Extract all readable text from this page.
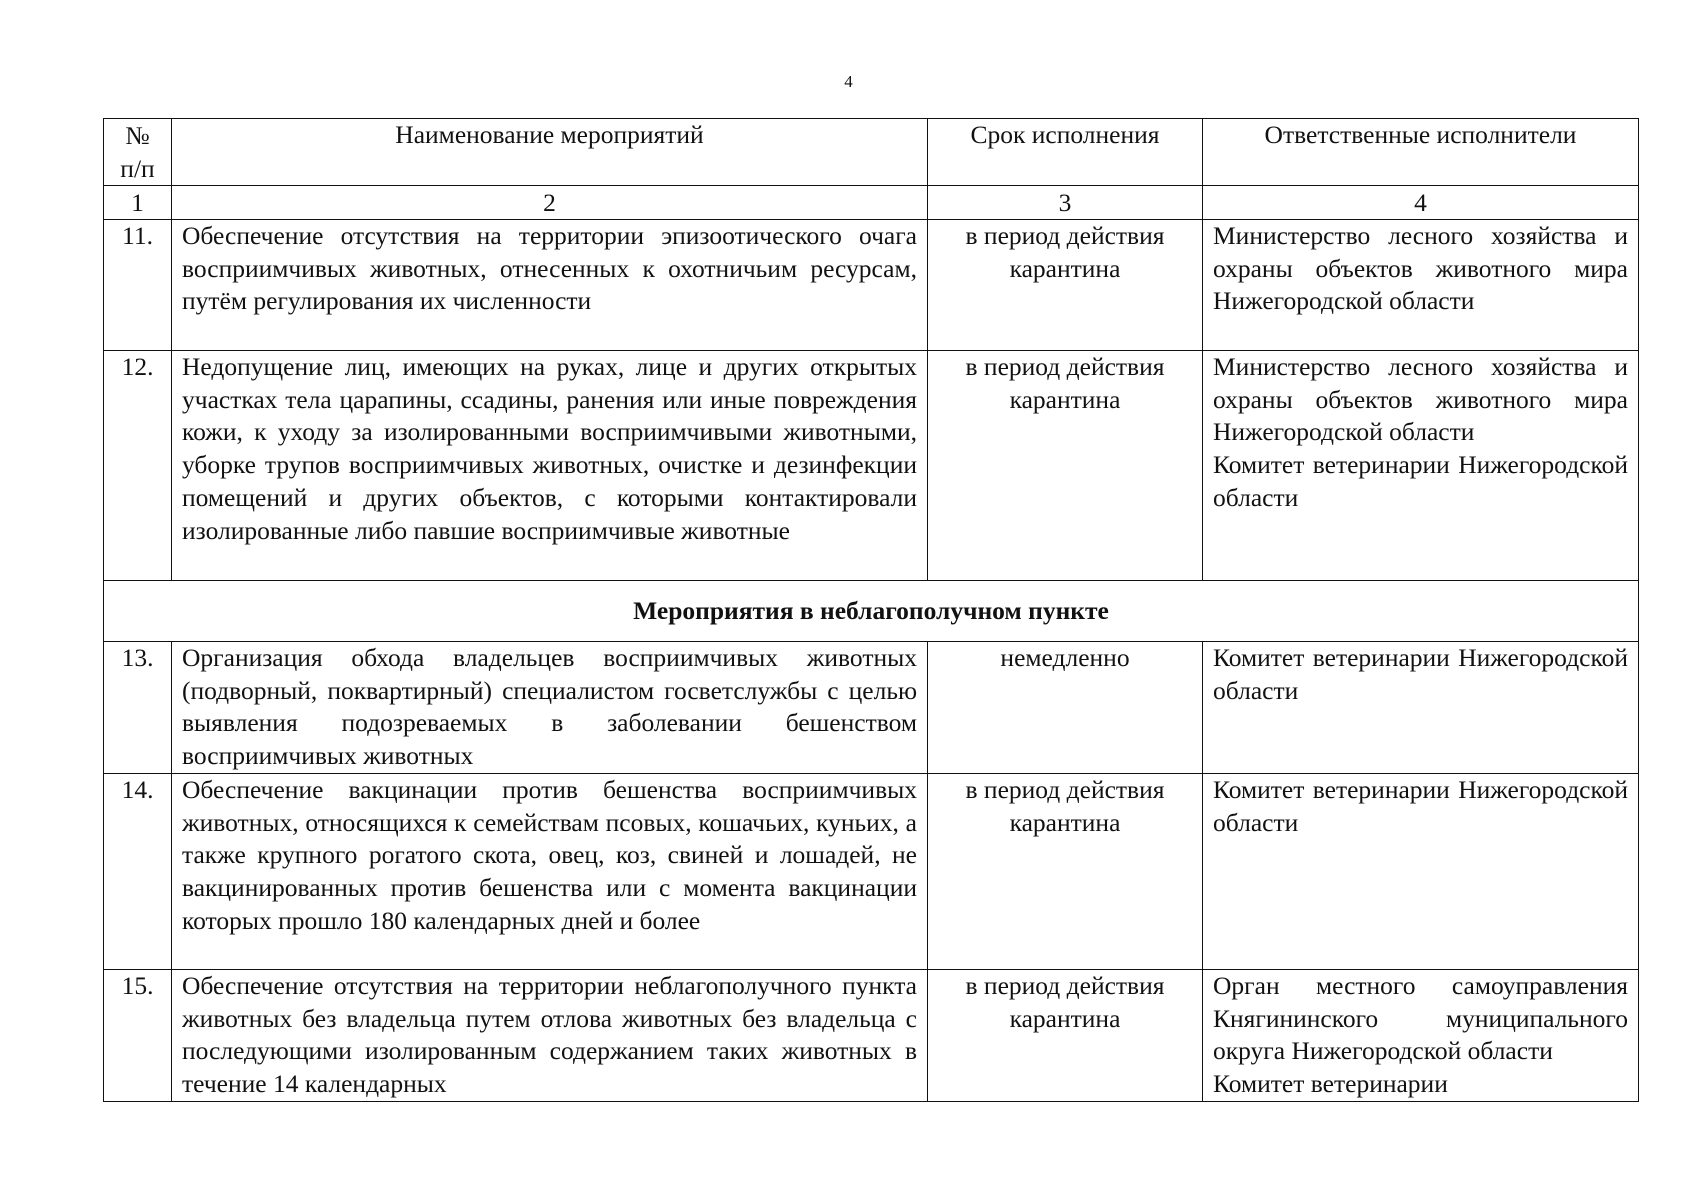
4
№ п/п	Наименование мероприятий	Срок исполнения	Ответственные исполнители
1	2	3	4
11.	Обеспечение отсутствия на территории эпизоотического очага восприимчивых животных, отнесенных к охотничьим ресурсам, путём регулирования их численности	в период действия карантина	Министерство лесного хозяйства и охраны объектов животного мира Нижегородской области

12.	Недопущение лиц, имеющих на руках, лице и других открытых участках тела царапины, ссадины, ранения или иные повреждения кожи, к уходу за изолированными восприимчивыми животными, уборке трупов восприимчивых животных, очистке и дезинфекции помещений и других объектов, с которыми контактировали изолированные либо павшие восприимчивые животные	в период действия карантина	Министерство лесного хозяйства и охраны объектов животного мира Нижегородской области
Комитет ветеринарии Нижегородской области

Мероприятия в неблагополучном пункте			
13.	Организация обхода владельцев восприимчивых животных (подворный, поквартирный) специалистом госветслужбы с целью выявления подозреваемых в заболевании бешенством восприимчивых животных	немедленно	Комитет ветеринарии Нижегородской области

14.	Обеспечение вакцинации против бешенства восприимчивых животных, относящихся к семействам псовых, кошачьих, куньих, а также крупного рогатого скота, овец, коз, свиней и лошадей, не вакцинированных против бешенства или с момента вакцинации которых прошло 180 календарных дней и более	в период действия карантина	Комитет ветеринарии Нижегородской области

15.	Обеспечение отсутствия на территории неблагополучного пункта животных без владельца путем отлова животных без владельца с последующими изолированным содержанием таких животных в течение 14 календарных	в период действия карантина	Орган местного самоуправления Княгининского муниципального округа Нижегородской области
Комитет ветеринарии
